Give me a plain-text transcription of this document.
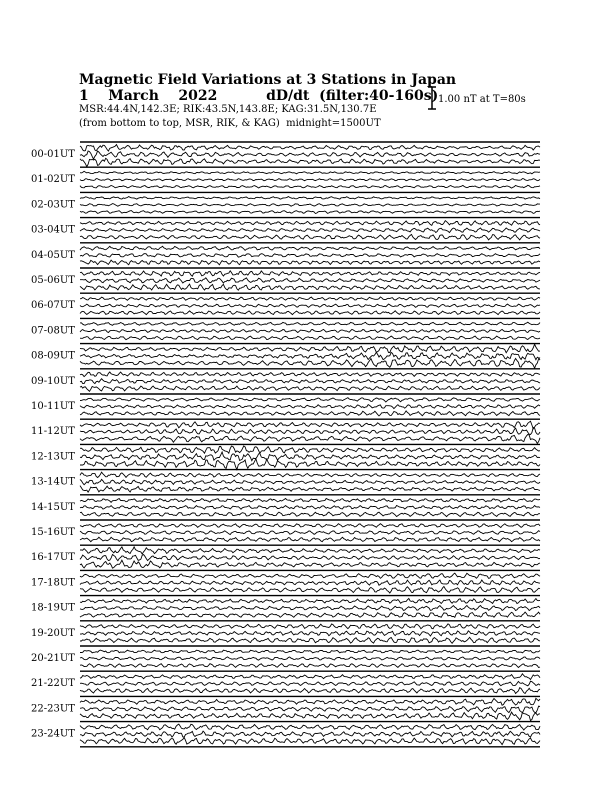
Magnetic Field Variations at 3 Stations in Japan
1    March    2022          dD/dt  (filter:40-160s)
MSR:44.4N,142.3E; RIK:43.5N,143.8E; KAG:31.5N,130.7E
(from bottom to top, MSR, RIK, & KAG)  midnight=1500UT
1.00 nT at T=80s
00-01UT
01-02UT
02-03UT
03-04UT
04-05UT
05-06UT
06-07UT
07-08UT
08-09UT
09-10UT
10-11UT
11-12UT
12-13UT
13-14UT
14-15UT
15-16UT
16-17UT
17-18UT
18-19UT
19-20UT
20-21UT
21-22UT
22-23UT
23-24UT
